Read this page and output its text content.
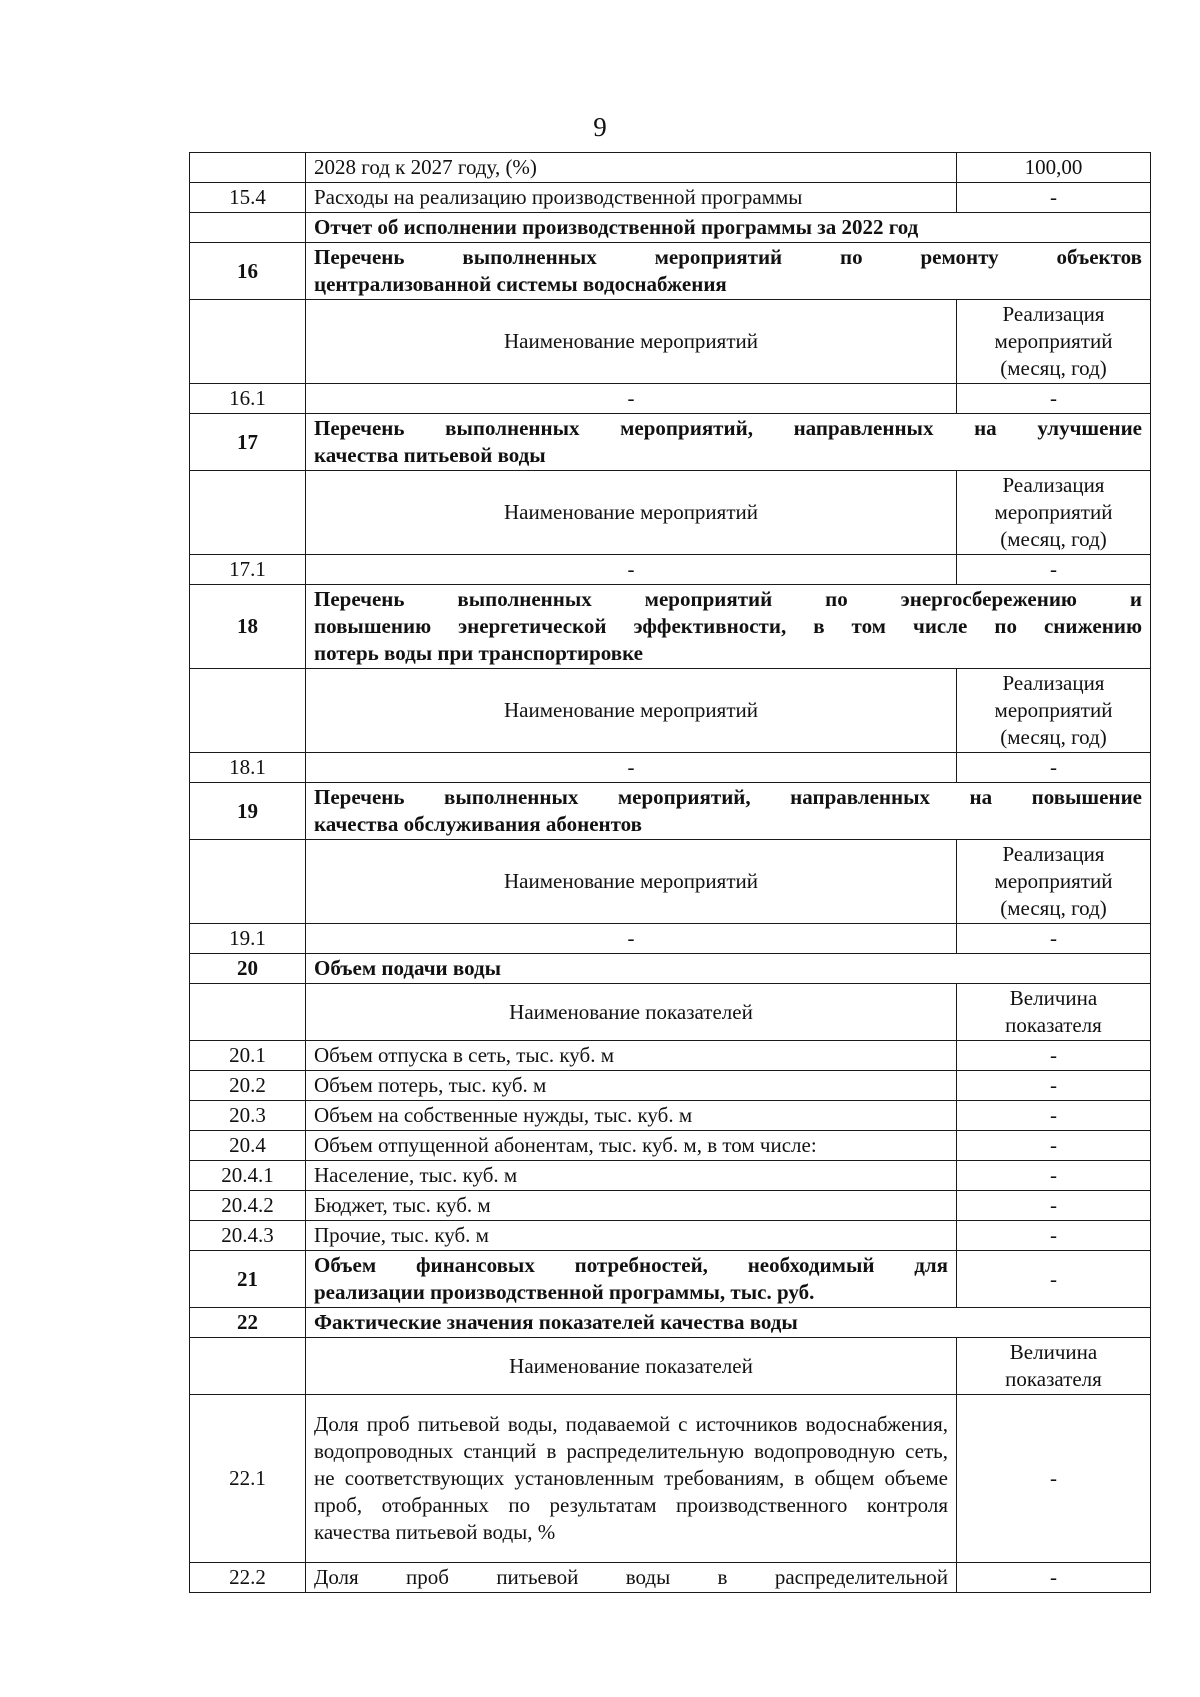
9
	2028 год к 2027 году, (%)	100,00
15.4	Расходы на реализацию производственной программы	-
	Отчет об исполнении производственной программы за 2022 год	
16	Перечень выполненных мероприятий по ремонту объектов
централизованной системы водоснабжения	

	Наименование мероприятий	Реализация мероприятий (месяц, год)
16.1	-	-
17	Перечень выполненных мероприятий, направленных на улучшение
качества питьевой воды	

	Наименование мероприятий	Реализация мероприятий (месяц, год)
17.1	-	-
18	Перечень выполненных мероприятий по энергосбережению и
повышению энергетической эффективности, в том числе по снижению
потерь воды при транспортировке	

	Наименование мероприятий	Реализация мероприятий (месяц, год)
18.1	-	-
19	Перечень выполненных мероприятий, направленных на повышение
качества обслуживания абонентов	

	Наименование мероприятий	Реализация мероприятий (месяц, год)
19.1	-	-
20	Объем подачи воды	
	Наименование показателей	Величина показателя
20.1	Объем отпуска в сеть, тыс. куб. м	-
20.2	Объем потерь, тыс. куб. м	-
20.3	Объем на собственные нужды, тыс. куб. м	-
20.4	Объем отпущенной абонентам, тыс. куб. м, в том числе:	-
20.4.1	Население, тыс. куб. м	-
20.4.2	Бюджет, тыс. куб. м	-
20.4.3	Прочие, тыс. куб. м	-
21	Объем финансовых потребностей, необходимый для
реализации производственной программы, тыс. руб.	-
22	Фактические значения показателей качества воды	
	Наименование показателей	Величина показателя
22.1	Доля проб питьевой воды, подаваемой с источников водоснабжения, водопроводных станций в распределительную водопроводную сеть, не соответствующих установленным требованиям, в общем объеме проб, отобранных по результатам производственного контроля качества питьевой воды, %	-
22.2	Доля проб питьевой воды в распределительной	-
